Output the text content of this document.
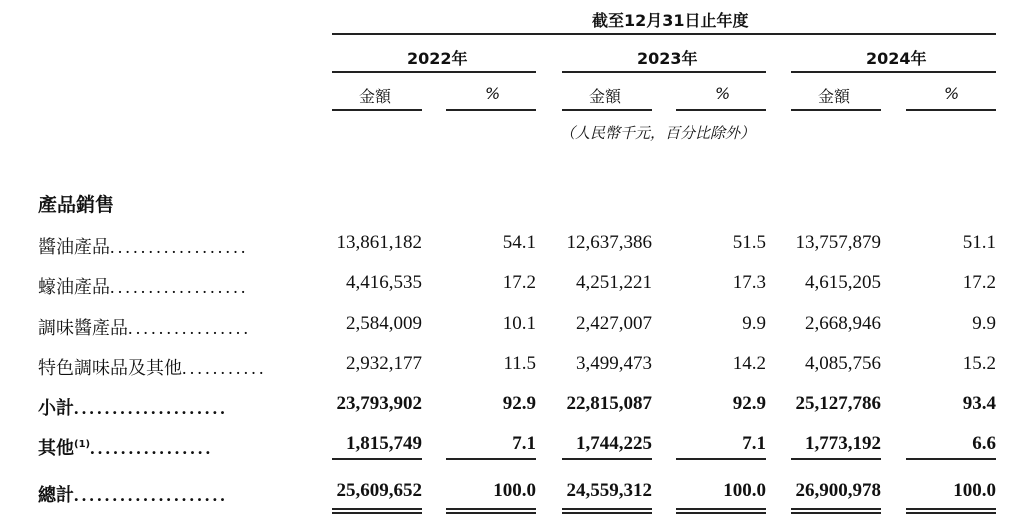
截至12月31日止年度
2022年	2023年	2024年
金額	%	金額	%	金額	%
（人民幣千元，百分比除外）
產品銷售
醬油產品..................	13,861,182	54.1 12,637,386	51.5 13,757,879	51.1
蠔油產品..................	4,416,535	17.2 4,251,221	17.3 4,615,205	17.2
調味醬產品................	2,584,009	10.1 2,427,007	9.9 2,668,946	9.9
特色調味品及其他...........	2,932,177	11.5 3,499,473	14.2 4,085,756	15.2
小計....................	23,793,902	92.9 22,815,087	92.9 25,127,786	93.4
其他$^{(1)}$................	1,815,749	7.1 1,744,225	7.1 1,773,192	6.6
總計....................	25,609,652	100.0 24,559,312	100.0 26,900,978	100.0
